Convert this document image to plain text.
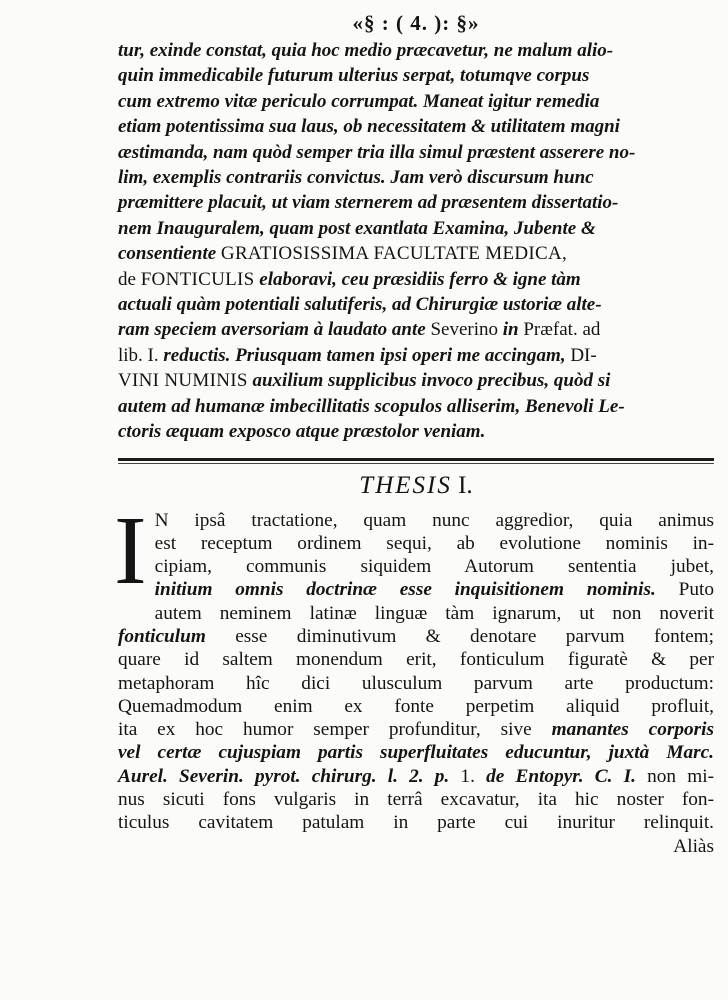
«§ : ( 4. ): §»

tur, exinde constat, quia hoc medio præcavetur, ne malum alio-
quin immedicabile futurum ulterius serpat, totumqve corpus
cum extremo vitæ periculo corrumpat. Maneat igitur remedia
etiam potentissima sua laus, ob necessitatem & utilitatem magni
æstimanda, nam quòd semper tria illa simul præstent asserere no-
lim, exemplis contrariis convictus. Jam verò discursum hunc
præmittere placuit, ut viam sternerem ad præsentem dissertatio-
nem Inauguralem, quam post exantlata Examina, Jubente &
consentiente GRATIOSISSIMA FACULTATE MEDICA,
de FONTICULIS elaboravi, ceu præsidiis ferro & igne tàm
actuali quàm potentiali salutiferis, ad Chirurgiæ ustoriæ alte-
ram speciem aversoriam à laudato ante Severino in Præfat. ad
lib. I. reductis. Priusquam tamen ipsi operi me accingam, DI-
VINI NUMINIS auxilium supplicibus invoco precibus, quòd si
autem ad humanæ imbecillitatis scopulos alliserim, Benevoli Le-
ctoris æquam exposco atque præstolor veniam.

THESIS I.

I N ipsâ tractatione, quam nunc aggredior, quia animus
est receptum ordinem sequi, ab evolutione nominis in-
cipiam, communis siquidem Autorum sententia jubet,
initium omnis doctrinæ esse inquisitionem nominis. Puto
autem neminem latinæ linguæ tàm ignarum, ut non noverit
fonticulum esse diminutivum & denotare parvum fontem;
quare id saltem monendum erit, fonticulum figuratè & per
metaphoram hîc dici ulusculum parvum arte productum:
Quemadmodum enim ex fonte perpetim aliquid profluit,
ita ex hoc humor semper profunditur, sive manantes corporis
vel certæ cujuspiam partis superfluitates educuntur, juxtà Marc.
Aurel. Severin. pyrot. chirurg. l. 2. p. 1. de Entopyr. C. I. non mi-
nus sicuti fons vulgaris in terrâ excavatur, ita hic noster fon-
ticulus cavitatem patulam in parte cui inuritur relinquit.

Aliàs
